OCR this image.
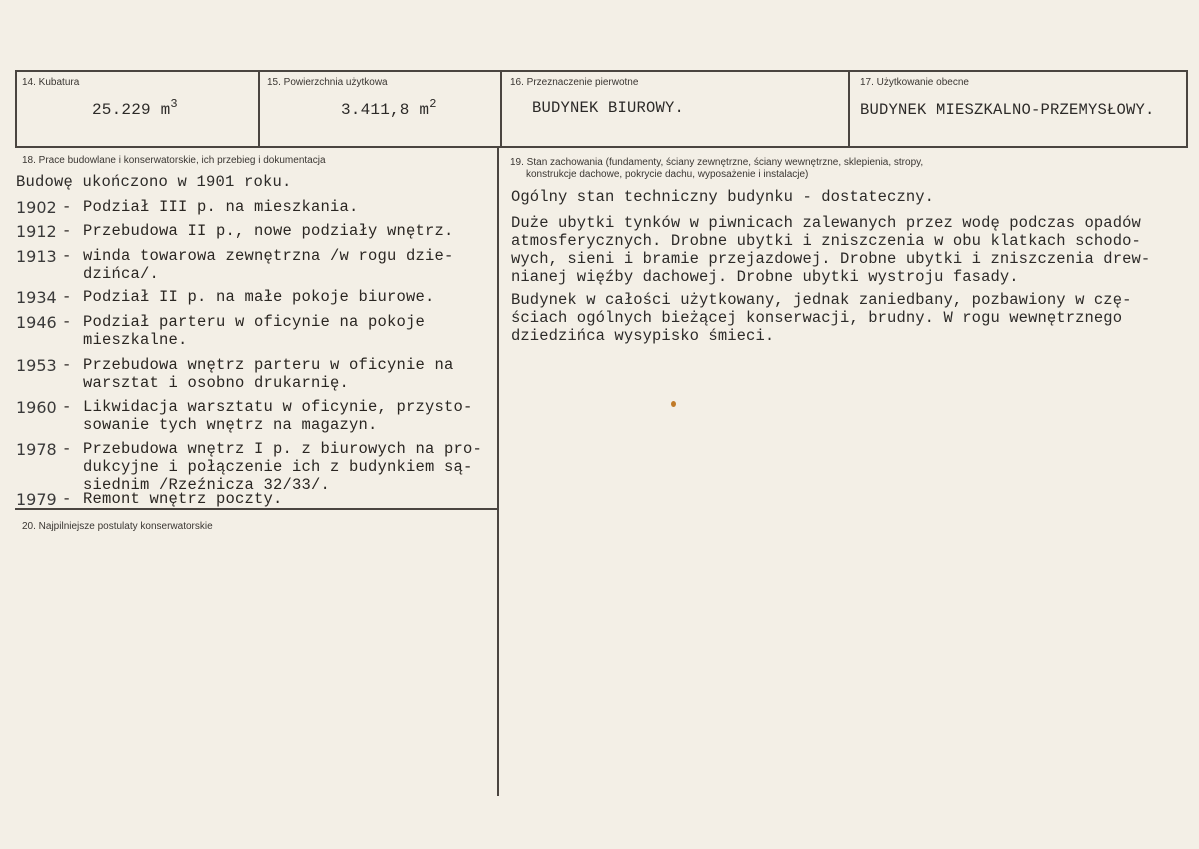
14. Kubatura
25.229 $m^3$
15. Powierzchnia użytkowa
3.411,8 $m^2$
16. Przeznaczenie pierwotne
BUDYNEK BIUROWY.
17. Użytkowanie obecne
BUDYNEK MIESZKALNO-PRZEMYSŁOWY.
18. Prace budowlane i konserwatorskie, ich przebieg i dokumentacja
Budowę ukończono w 1901 roku.
1902 - Podział III p. na mieszkania.
1912 - Przebudowa II p., nowe podziały wnętrz.
1913 - winda towarowa zewnętrzna /w rogu dzie-
dzińca/.
1934 - Podział II p. na małe pokoje biurowe.
1946 - Podział parteru w oficynie na pokoje
mieszkalne.
1953 - Przebudowa wnętrz parteru w oficynie na
warsztat i osobno drukarnię.
1960 - Likwidacja warsztatu w oficynie, przysto-
sowanie tych wnętrz na magazyn.
1978 - Przebudowa wnętrz I p. z biurowych na pro-
dukcyjne i połączenie ich z budynkiem są-
siednim /Rzeźnicza 32/33/.
1979 - Remont wnętrz poczty.
19. Stan zachowania (fundamenty, ściany zewnętrzne, ściany wewnętrzne, sklepienia, stropy,
konstrukcje dachowe, pokrycie dachu, wyposażenie i instalacje)
Ogólny stan techniczny budynku - dostateczny.
Duże ubytki tynków w piwnicach zalewanych przez wodę podczas opadów
atmosferycznych. Drobne ubytki i zniszczenia w obu klatkach schodo-
wych, sieni i bramie przejazdowej. Drobne ubytki i zniszczenia drew-
nianej więźby dachowej. Drobne ubytki wystroju fasady.
Budynek w całości użytkowany, jednak zaniedbany, pozbawiony w czę-
ściach ogólnych bieżącej konserwacji, brudny. W rogu wewnętrznego
dziedzińca wysypisko śmieci.
20. Najpilniejsze postulaty konserwatorskie
